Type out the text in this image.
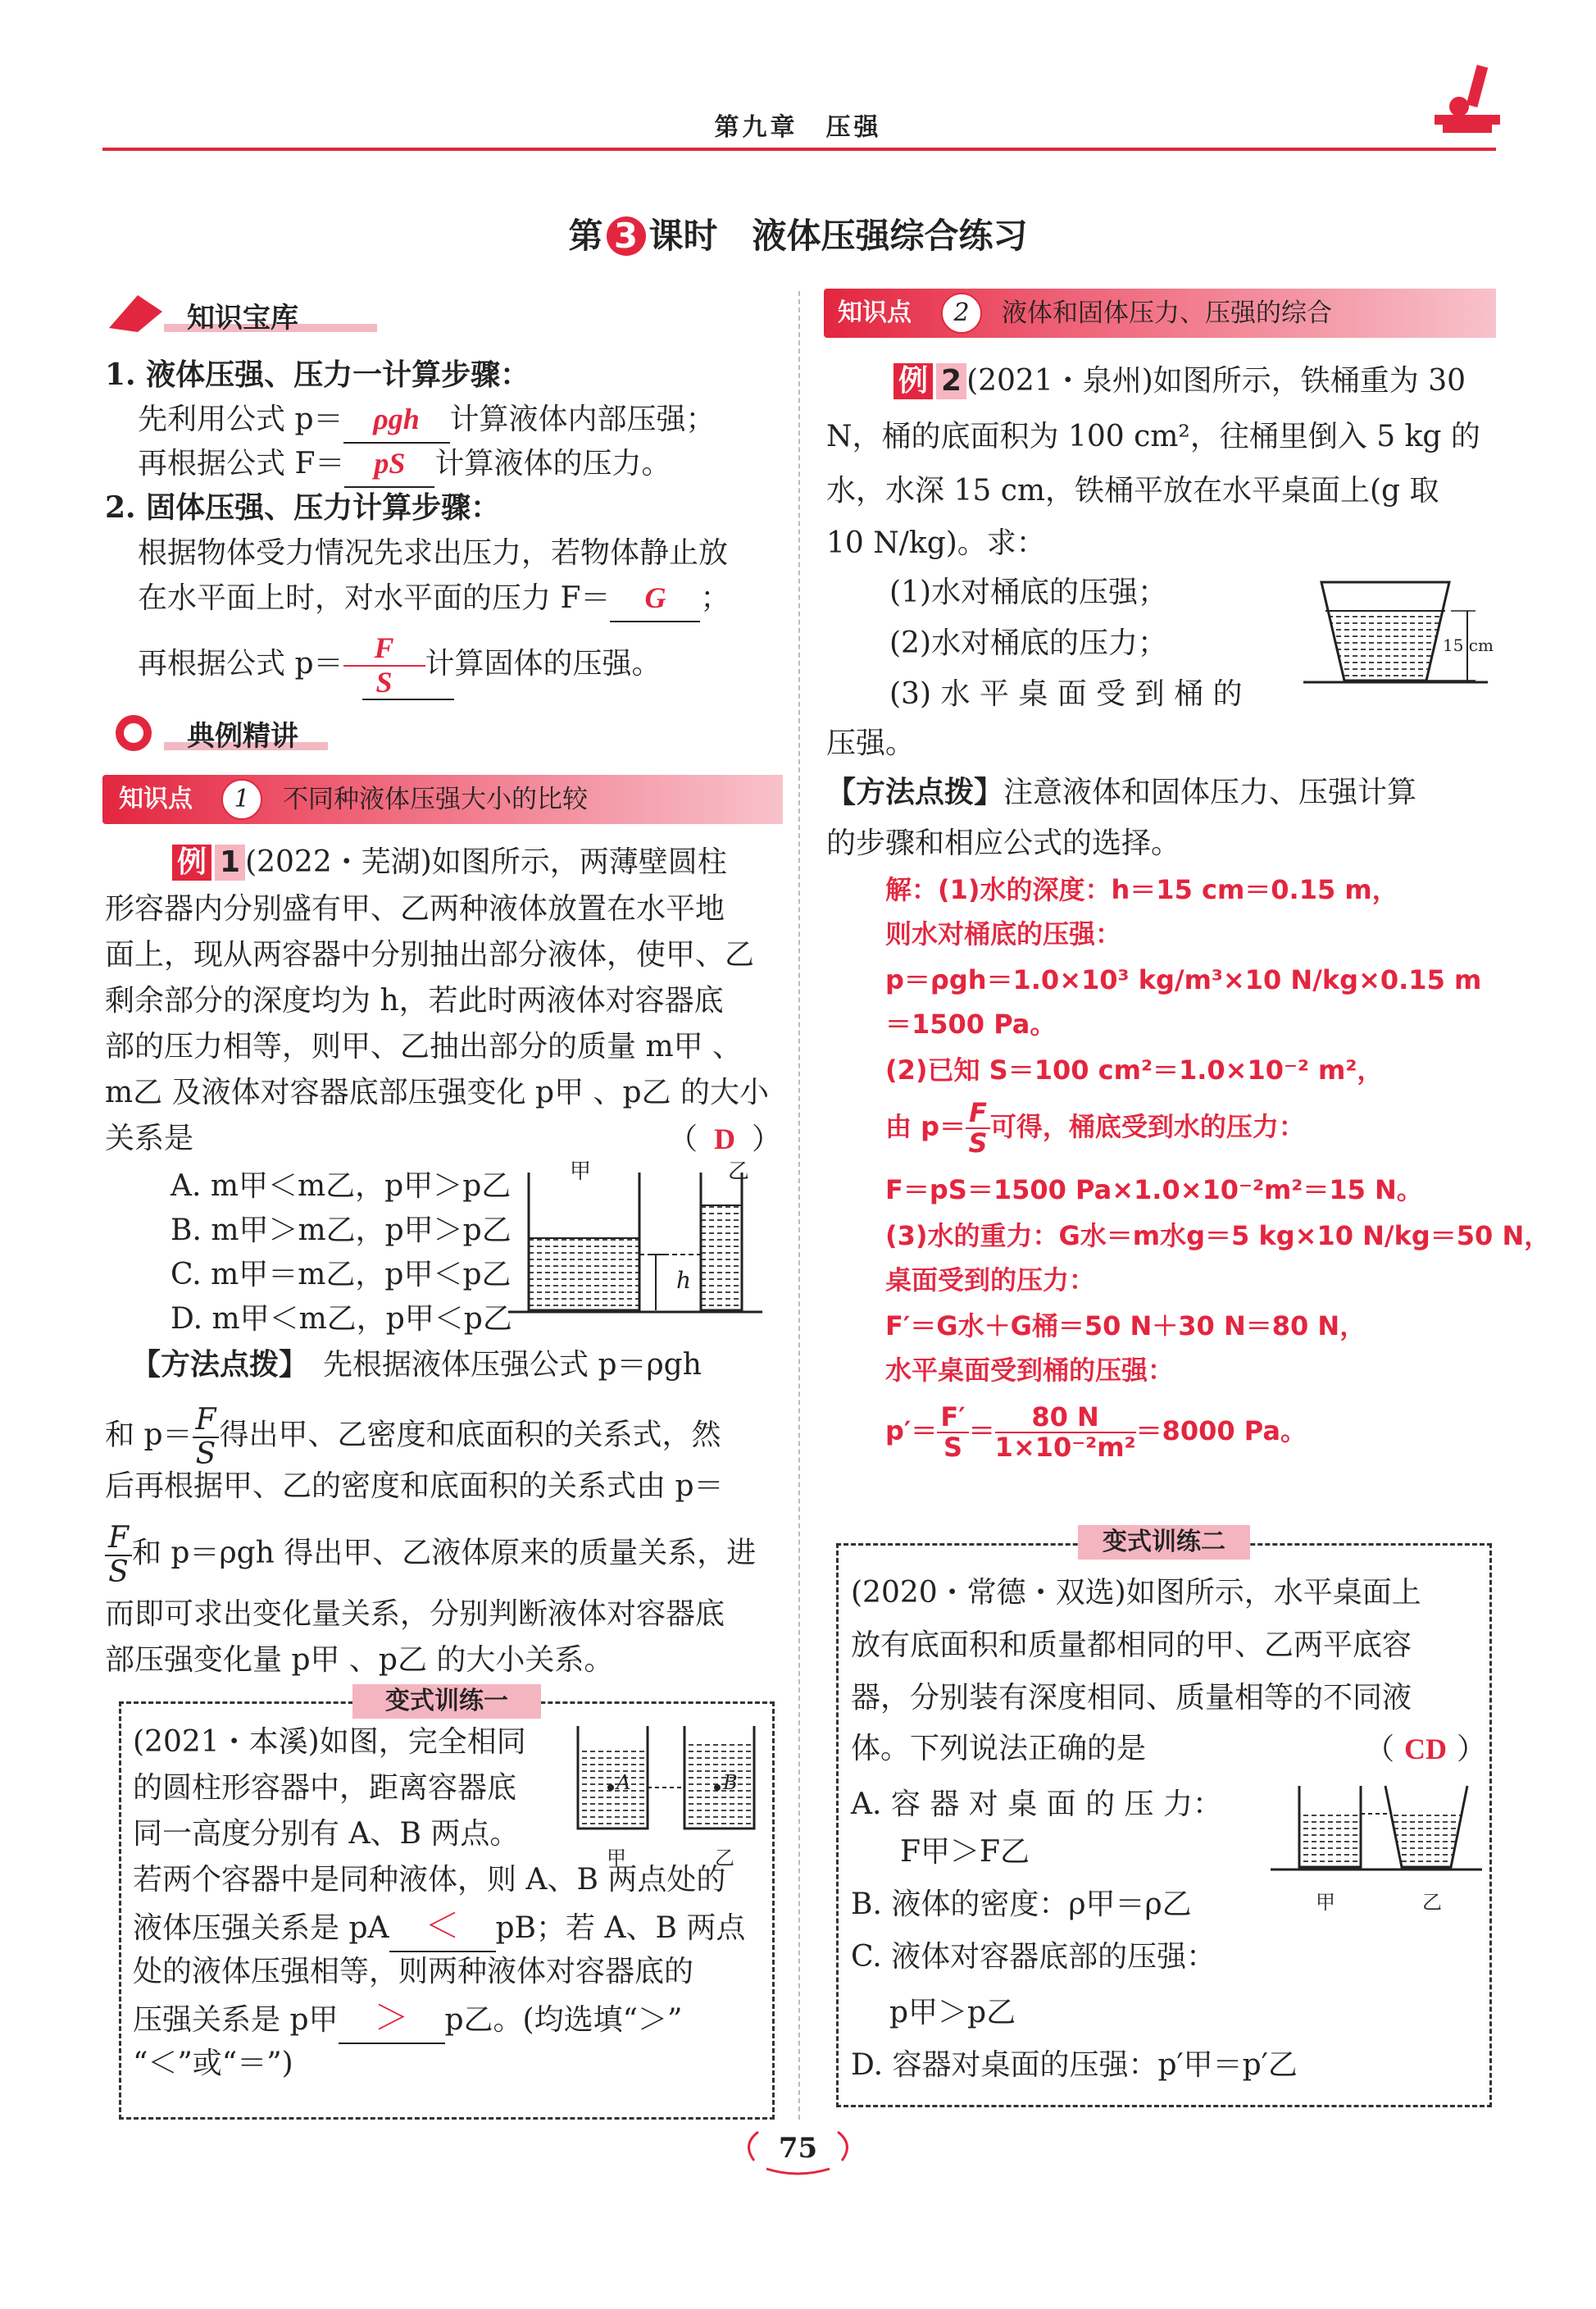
第九章　压强
第 3 课时　液体压强综合练习
知识宝库
1. 液体压强、压力一计算步骤：
先利用公式 p＝ ρgh 计算液体内部压强；
再根据公式 F＝ pS 计算液体的压力。
2. 固体压强、压力计算步骤：
根据物体受力情况先求出压力，若物体静止放
在水平面上时，对水平面的压力 F＝ G ；
再根据公式 $p= \frac{F}{S}$ 计算固体的压强。
典例精讲
知识点	1	不同种液体压强大小的比较
例 1 (2022・芜湖)如图所示，两薄壁圆柱
形容器内分别盛有甲、乙两种液体放置在水平地
面上，现从两容器中分别抽出部分液体，使甲、乙
剩余部分的深度均为 h，若此时两液体对容器底
部的压力相等，则甲、乙抽出部分的质量 m甲 、
m乙 及液体对容器底部压强变化 p甲 、p乙 的大小
关系是	（ D ）
A. m甲＜m乙，p甲＞p乙
B. m甲＞m乙，p甲＞p乙
C. m甲＝m乙，p甲＜p乙
D. m甲＜m乙，p甲＜p乙
甲	乙
h
【方法点拨】　 先根据液体压强公式 p＝ρgh
和 $p= \frac{F}{S}$ 得出甲、乙密度和底面积的关系式，然
后再根据甲、乙的密度和底面积的关系式由 p＝
$\frac{F}{S}$ 和 p＝ρgh 得出甲、乙液体原来的质量关系，进
而即可求出变化量关系，分别判断液体对容器底
部压强变化量 p甲 、p乙 的大小关系。
变式训练一
(2021・本溪)如图，完全相同
的圆柱形容器中，距离容器底
同一高度分别有 A、B 两点。
A	B
甲	乙
若两个容器中是同种液体，则 A、B 两点处的
液体压强关系是 pA ＜ pB；若 A、B 两点
处的液体压强相等，则两种液体对容器底的
压强关系是 p甲 ＞ p乙。(均选填“＞”
“＜”或“＝”)
知识点	2	液体和固体压力、压强的综合
例 2 (2021・泉州)如图所示，铁桶重为 30
N，桶的底面积为 100 cm²，往桶里倒入 5 kg 的
水，水深 15 cm，铁桶平放在水平桌面上(g 取
10 N/kg)。求：
(1)水对桶底的压强；
(2)水对桶底的压力；
(3) 水 平 桌 面 受 到 桶 的
压强。
15 cm
【方法点拨】注意液体和固体压力、压强计算
的步骤和相应公式的选择。
解：(1)水的深度：h＝15 cm＝0.15 m，
则水对桶底的压强：
p＝ρgh＝1.0×10³ kg/m³×10 N/kg×0.15 m
＝1500 Pa。
(2)已知 S＝100 cm²＝1.0×10⁻² m²，
由 $p= \frac{F}{S}$ 可得，桶底受到水的压力：
F＝pS＝1500 Pa×1.0×10⁻²m²＝15 N。
(3)水的重力：G水＝m水g＝5 kg×10 N/kg＝50 N，
桌面受到的压力：
F′＝G水＋G桶＝50 N＋30 N＝80 N，
水平桌面受到桶的压强：
$p'= \frac{F'}{S} = \frac{80 N}{\text{1×10⁻²m²}} =8000$ Pa。
变式训练二
(2020・常德・双选)如图所示，水平桌面上
放有底面积和质量都相同的甲、乙两平底容
器，分别装有深度相同、质量相等的不同液
体。下列说法正确的是	（ CD ）
A. 容 器 对 桌 面 的 压 力：
F甲＞F乙
B. 液体的密度：ρ甲＝ρ乙
C. 液体对容器底部的压强：
p甲＞p乙
D. 容器对桌面的压强：p′甲＝p′乙
甲	乙
75
